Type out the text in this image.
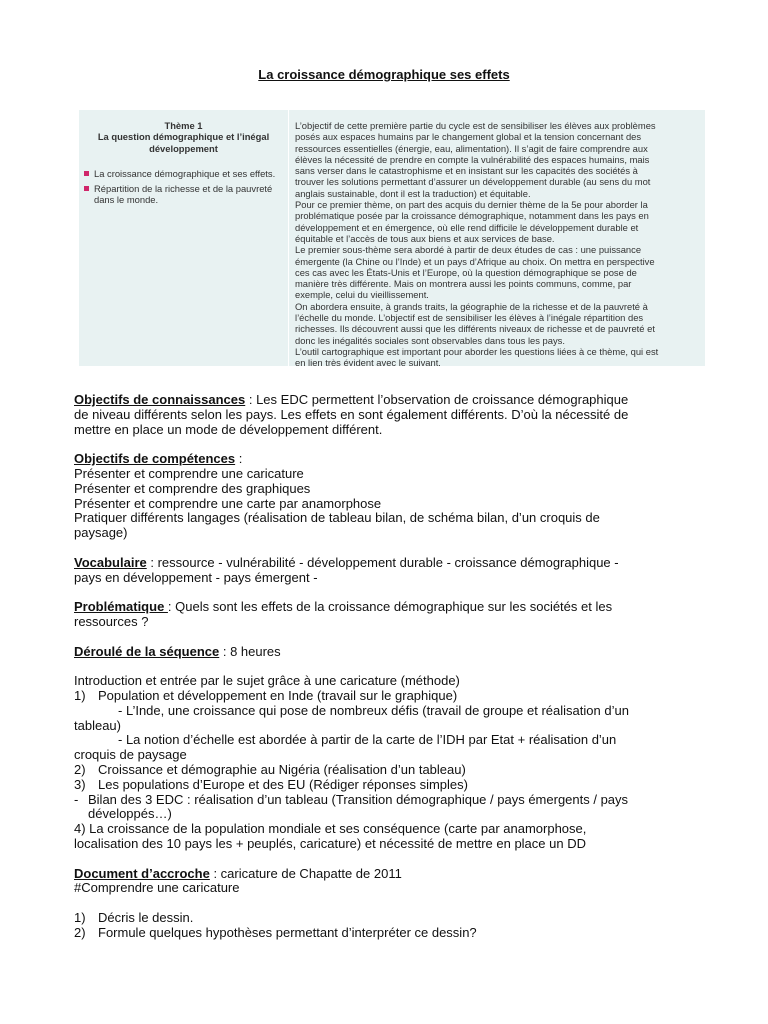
La croissance démographique ses effets
Thème 1
La question démographique et l’inégal
développement
La croissance démographique et ses effets.
Répartition de la richesse et de la pauvreté dans le monde.
L’objectif de cette première partie du cycle est de sensibiliser les élèves aux problèmes
posés aux espaces humains par le changement global et la tension concernant des
ressources essentielles (énergie, eau, alimentation). Il s’agit de faire comprendre aux
élèves la nécessité de prendre en compte la vulnérabilité des espaces humains, mais
sans verser dans le catastrophisme et en insistant sur les capacités des sociétés à
trouver les solutions permettant d’assurer un développement durable (au sens du mot
anglais sustainable, dont il est la traduction) et équitable.
Pour ce premier thème, on part des acquis du dernier thème de la 5e pour aborder la
problématique posée par la croissance démographique, notamment dans les pays en
développement et en émergence, où elle rend difficile le développement durable et
équitable et l’accès de tous aux biens et aux services de base.
Le premier sous-thème sera abordé à partir de deux études de cas : une puissance
émergente (la Chine ou l’Inde) et un pays d’Afrique au choix. On mettra en perspective
ces cas avec les États-Unis et l’Europe, où la question démographique se pose de
manière très différente. Mais on montrera aussi les points communs, comme, par
exemple, celui du vieillissement.
On abordera ensuite, à grands traits, la géographie de la richesse et de la pauvreté à
l’échelle du monde. L’objectif est de sensibiliser les élèves à l’inégale répartition des
richesses. Ils découvrent aussi que les différents niveaux de richesse et de pauvreté et
donc les inégalités sociales sont observables dans tous les pays.
L’outil cartographique est important pour aborder les questions liées à ce thème, qui est
en lien très évident avec le suivant.
Objectifs de connaissances : Les EDC permettent l’observation de croissance démographique
de niveau différents selon les pays. Les effets en sont également différents. D’où la nécessité de
mettre en place un mode de développement différent.
Objectifs de compétences :
Présenter et comprendre une caricature
Présenter et comprendre des graphiques
Présenter et comprendre une carte par anamorphose
Pratiquer différents langages (réalisation de tableau bilan, de schéma bilan, d’un croquis de
paysage)
Vocabulaire : ressource - vulnérabilité - développement durable - croissance démographique -
pays en développement - pays émergent -
Problématique : Quels sont les effets de la croissance démographique sur les sociétés et les
ressources ?
Déroulé de la séquence : 8 heures
Introduction et entrée par le sujet grâce à une caricature (méthode)
1) Population et développement en Inde (travail sur le graphique)
- L’Inde, une croissance qui pose de nombreux défis (travail de groupe et réalisation d’un
tableau)
- La notion d’échelle est abordée à partir de la carte de l’IDH par Etat + réalisation d’un
croquis de paysage
2) Croissance et démographie au Nigéria (réalisation d’un tableau)
3) Les populations d’Europe et des EU (Rédiger réponses simples)
- Bilan des 3 EDC : réalisation d’un tableau (Transition démographique / pays émergents / pays développés…)
4) La croissance de la population mondiale et ses conséquence (carte par anamorphose,
localisation des 10 pays les + peuplés, caricature) et nécessité de mettre en place un DD
Document d’accroche : caricature de Chapatte de 2011
#Comprendre une caricature
1) Décris le dessin.
2) Formule quelques hypothèses permettant d’interpréter ce dessin?
